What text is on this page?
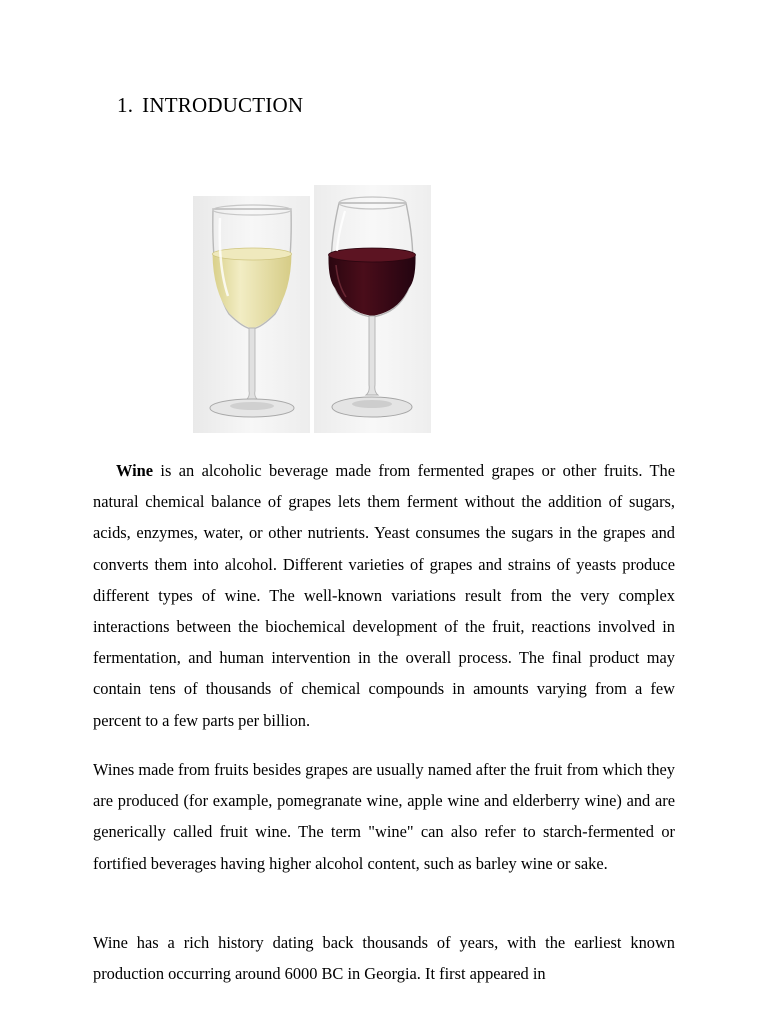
1. INTRODUCTION

Wine is an alcoholic beverage made from fermented grapes or other fruits. The natural chemical balance of grapes lets them ferment without the addition of sugars, acids, enzymes, water, or other nutrients. Yeast consumes the sugars in the grapes and converts them into alcohol. Different varieties of grapes and strains of yeasts produce different types of wine. The well-known variations result from the very complex interactions between the biochemical development of the fruit, reactions involved in fermentation, and human intervention in the overall process. The final product may contain tens of thousands of chemical compounds in amounts varying from a few percent to a few parts per billion.

Wines made from fruits besides grapes are usually named after the fruit from which they are produced (for example, pomegranate wine, apple wine and elderberry wine) and are generically called fruit wine. The term "wine" can also refer to starch-fermented or fortified beverages having higher alcohol content, such as barley wine or sake.

Wine has a rich history dating back thousands of years, with the earliest known production occurring around 6000 BC in Georgia. It first appeared in
